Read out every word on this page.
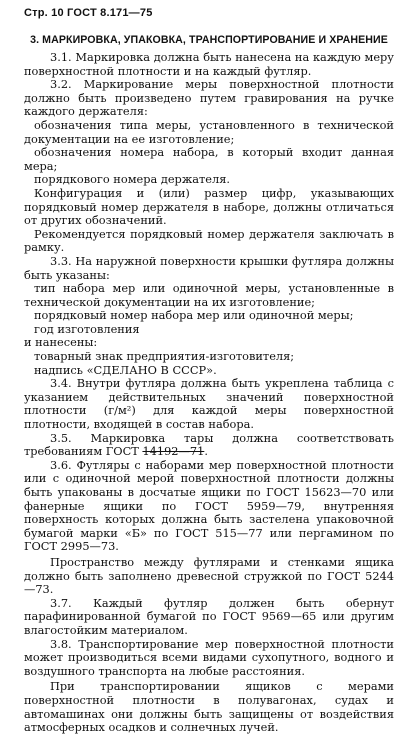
Стр. 10 ГОСТ 8.171—75
3. МАРКИРОВКА, УПАКОВКА, ТРАНСПОРТИРОВАНИЕ И ХРАНЕНИЕ

3.1. Маркировка должна быть нанесена на каждую меру поверхностной плотности и на каждый футляр.

3.2. Маркирование меры поверхностной плотности должно быть произведено путем гравирования на ручке каждого держателя:

обозначения типа меры, установленного в технической документации на ее изготовление;

обозначения номера набора, в который входит данная мера;

порядкового номера держателя.

Конфигурация и (или) размер цифр, указывающих порядковый номер держателя в наборе, должны отличаться от других обозначений.

Рекомендуется порядковый номер держателя заключать в рамку.

3.3. На наружной поверхности крышки футляра должны быть указаны:

тип набора мер или одиночной меры, установленные в технической документации на их изготовление;

порядковый номер набора мер или одиночной меры;

год изготовления

и нанесены:

товарный знак предприятия-изготовителя;

надпись «СДЕЛАНО В СССР».

3.4. Внутри футляра должна быть укреплена таблица с указанием действительных значений поверхностной плотности (г/м²) для каждой меры поверхностной плотности, входящей в состав набора.

3.5. Маркировка тары должна соответствовать требованиям ГОСТ 14192—71.

3.6. Футляры с наборами мер поверхностной плотности или с одиночной мерой поверхностной плотности должны быть упакованы в досчатые ящики по ГОСТ 15623—70 или фанерные ящики по ГОСТ 5959—79, внутренняя поверхность которых должна быть застелена упаковочной бумагой марки «Б» по ГОСТ 515—77 или пергамином по ГОСТ 2995—73.

Пространство между футлярами и стенками ящика должно быть заполнено древесной стружкой по ГОСТ 5244—73.

3.7. Каждый футляр должен быть обернут парафинированной бумагой по ГОСТ 9569—65 или другим влагостойким материалом.

3.8. Транспортирование мер поверхностной плотности может производиться всеми видами сухопутного, водного и воздушного транспорта на любые расстояния.

При транспортировании ящиков с мерами поверхностной плотности в полувагонах, судах и автомашинах они должны быть защищены от воздействия атмосферных осадков и солнечных лучей.
